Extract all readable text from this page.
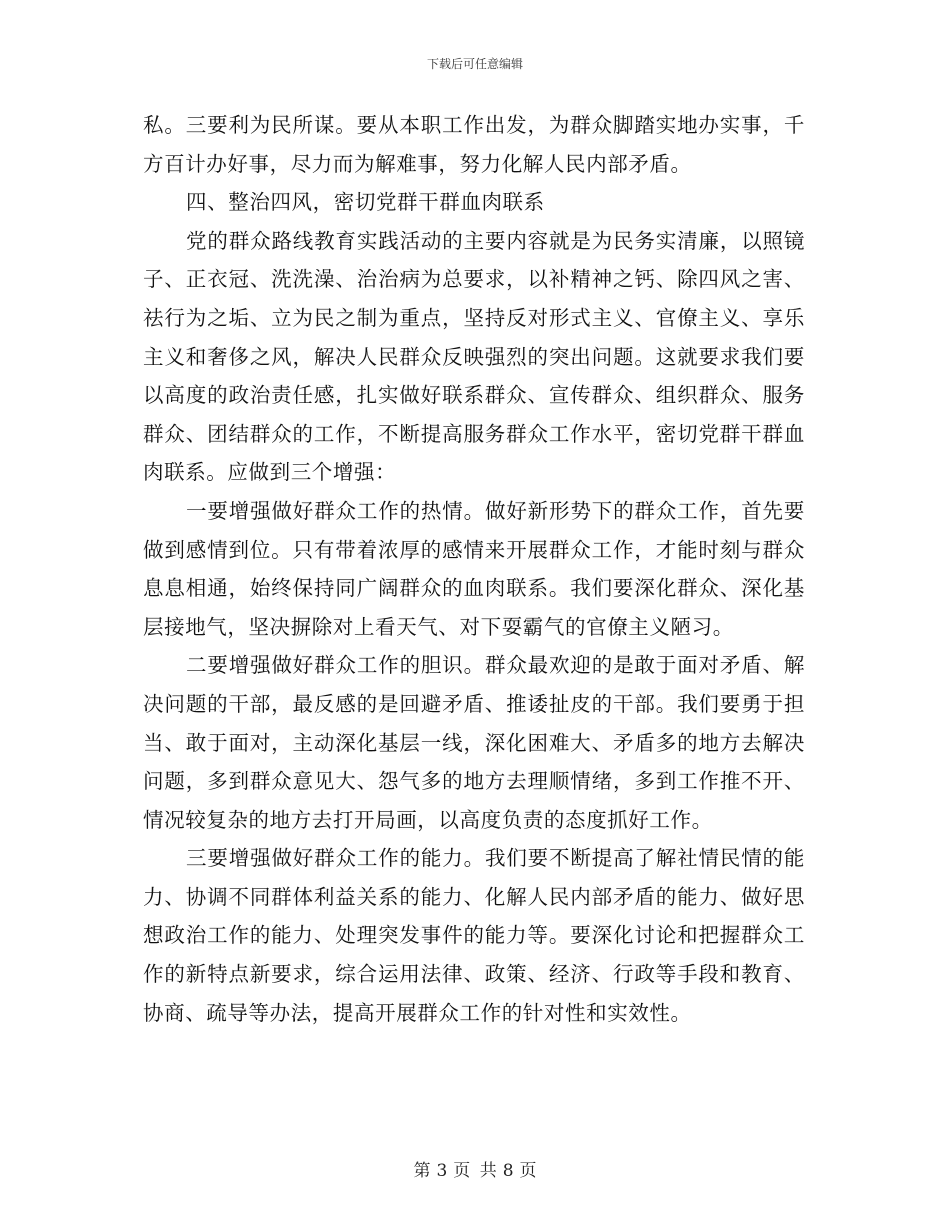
下载后可任意编辑

私。三要利为民所谋。要从本职工作出发，为群众脚踏实地办实事，千方百计办好事，尽力而为解难事，努力化解人民内部矛盾。

四、整治四风，密切党群干群血肉联系

党的群众路线教育实践活动的主要内容就是为民务实清廉，以照镜子、正衣冠、洗洗澡、治治病为总要求，以补精神之钙、除四风之害、祛行为之垢、立为民之制为重点，坚持反对形式主义、官僚主义、享乐主义和奢侈之风，解决人民群众反映强烈的突出问题。这就要求我们要以高度的政治责任感，扎实做好联系群众、宣传群众、组织群众、服务群众、团结群众的工作，不断提高服务群众工作水平，密切党群干群血肉联系。应做到三个增强：

一要增强做好群众工作的热情。做好新形势下的群众工作，首先要做到感情到位。只有带着浓厚的感情来开展群众工作，才能时刻与群众息息相通，始终保持同广阔群众的血肉联系。我们要深化群众、深化基层接地气，坚决摒除对上看天气、对下耍霸气的官僚主义陋习。

二要增强做好群众工作的胆识。群众最欢迎的是敢于面对矛盾、解决问题的干部，最反感的是回避矛盾、推诿扯皮的干部。我们要勇于担当、敢于面对，主动深化基层一线，深化困难大、矛盾多的地方去解决问题，多到群众意见大、怨气多的地方去理顺情绪，多到工作推不开、情况较复杂的地方去打开局画，以高度负责的态度抓好工作。

三要增强做好群众工作的能力。我们要不断提高了解社情民情的能力、协调不同群体利益关系的能力、化解人民内部矛盾的能力、做好思想政治工作的能力、处理突发事件的能力等。要深化讨论和把握群众工作的新特点新要求，综合运用法律、政策、经济、行政等手段和教育、协商、疏导等办法，提高开展群众工作的针对性和实效性。

第 3 页 共 8 页
